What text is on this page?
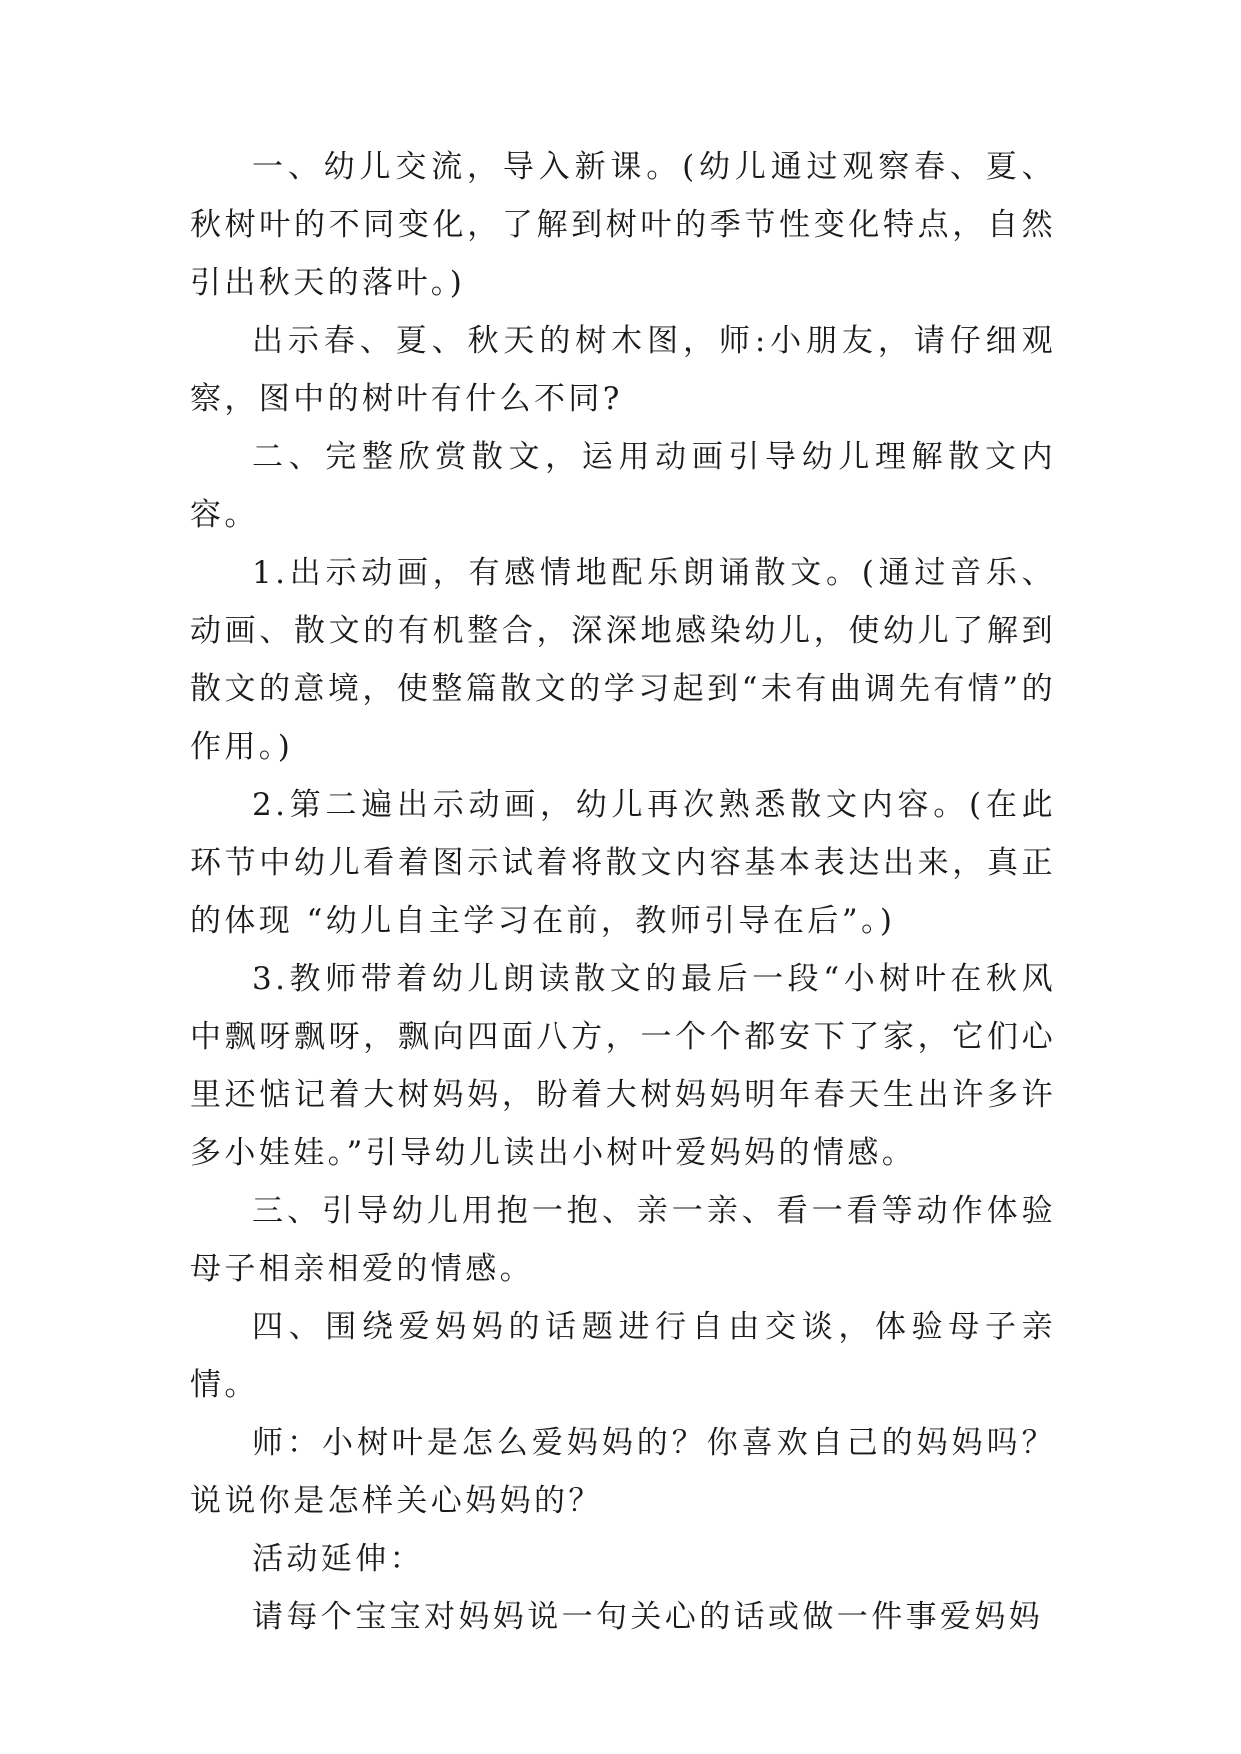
一、幼儿交流，导入新课。(幼儿通过观察春、夏、秋树叶的不同变化，了解到树叶的季节性变化特点，自然引出秋天的落叶。)

出示春、夏、秋天的树木图，师:小朋友，请仔细观察，图中的树叶有什么不同?

二、完整欣赏散文，运用动画引导幼儿理解散文内容。

1.出示动画，有感情地配乐朗诵散文。(通过音乐、动画、散文的有机整合，深深地感染幼儿，使幼儿了解到散文的意境，使整篇散文的学习起到“未有曲调先有情”的作用。)

2.第二遍出示动画，幼儿再次熟悉散文内容。(在此环节中幼儿看着图示试着将散文内容基本表达出来，真正的体现 “幼儿自主学习在前，教师引导在后”。)

3.教师带着幼儿朗读散文的最后一段“小树叶在秋风中飘呀飘呀，飘向四面八方，一个个都安下了家，它们心里还惦记着大树妈妈，盼着大树妈妈明年春天生出许多许多小娃娃。”引导幼儿读出小树叶爱妈妈的情感。

三、引导幼儿用抱一抱、亲一亲、看一看等动作体验母子相亲相爱的情感。

四、围绕爱妈妈的话题进行自由交谈，体验母子亲情。

师：小树叶是怎么爱妈妈的？你喜欢自己的妈妈吗？说说你是怎样关心妈妈的？

活动延伸：

请每个宝宝对妈妈说一句关心的话或做一件事爱妈妈
